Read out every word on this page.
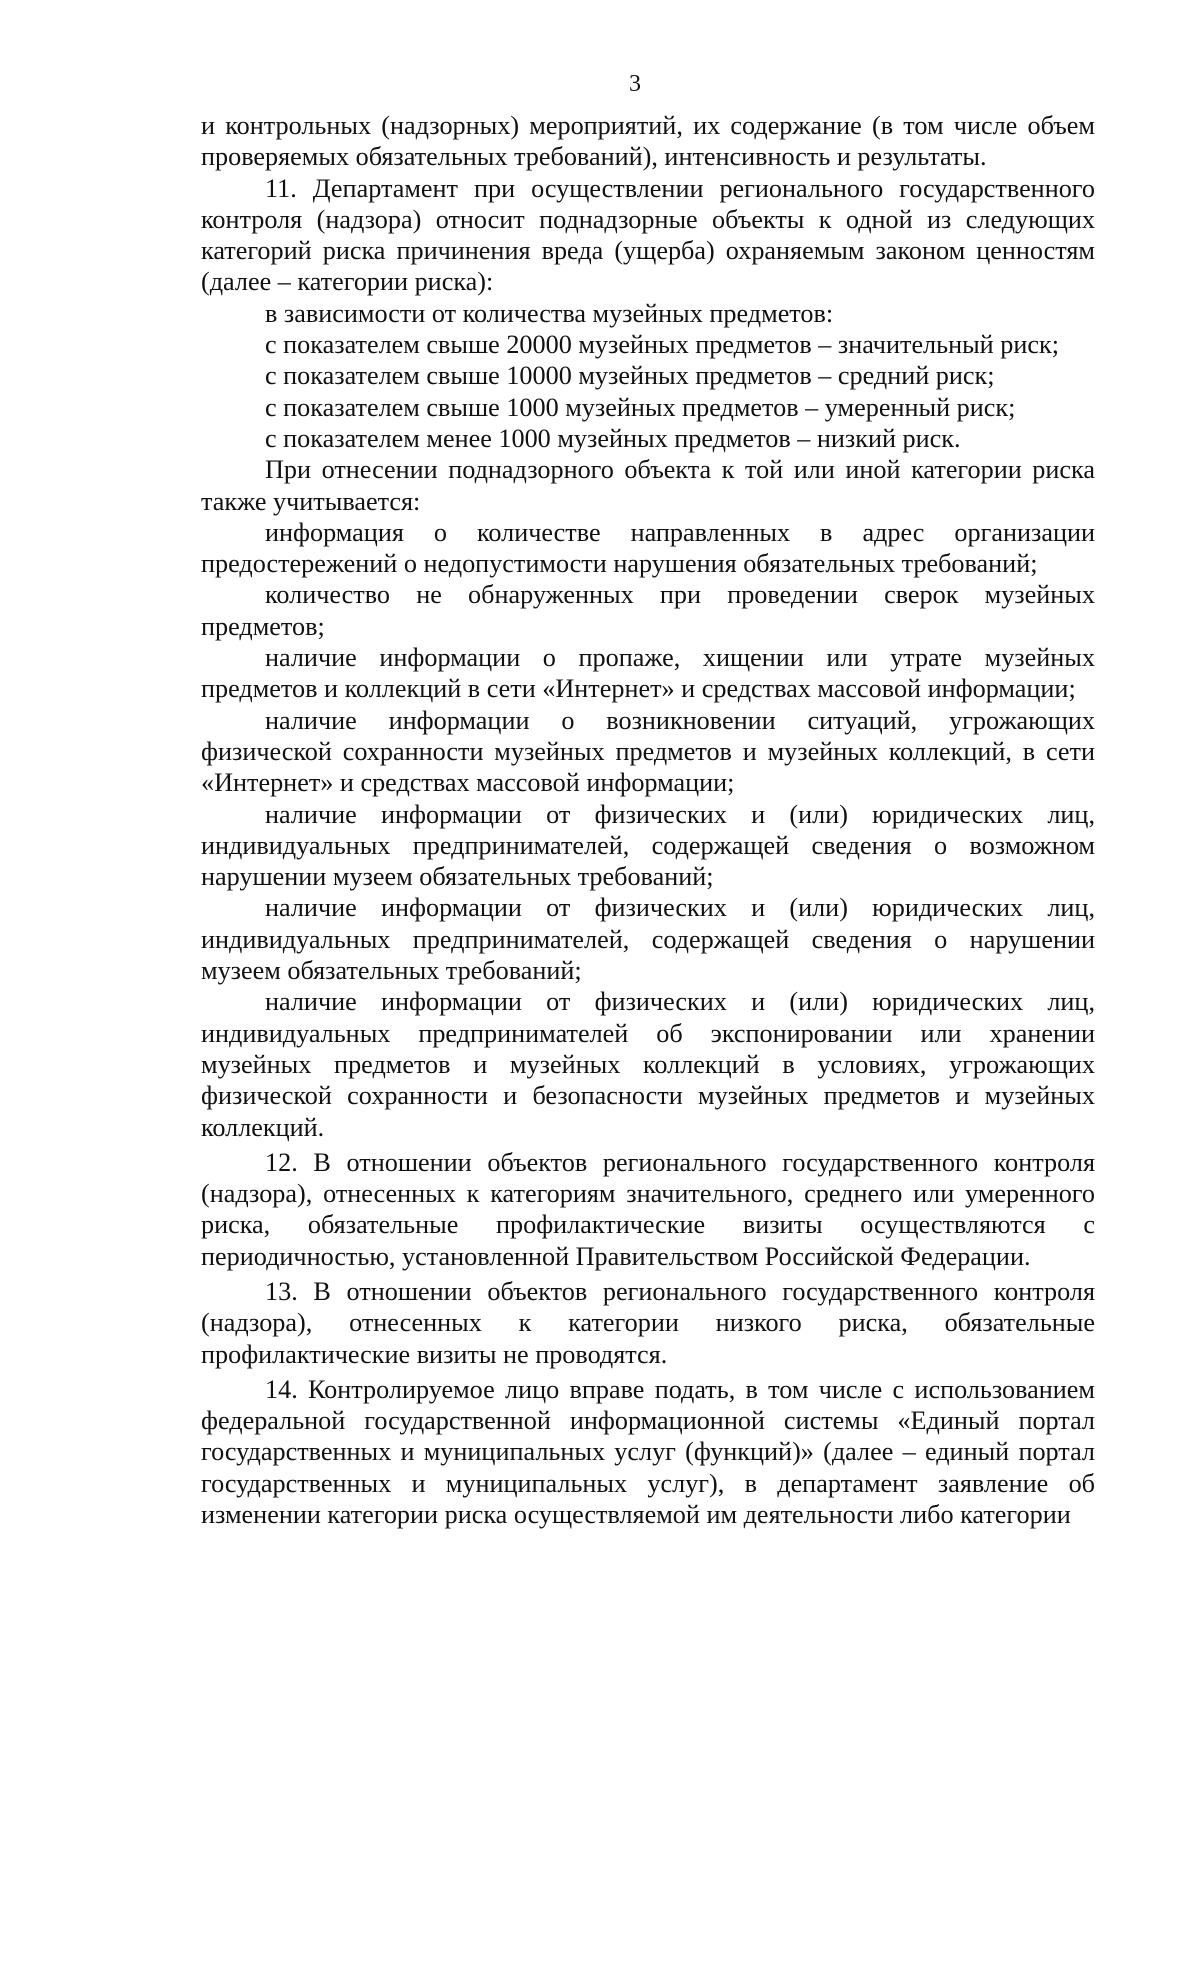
3

и контрольных (надзорных) мероприятий, их содержание (в том числе объем проверяемых обязательных требований), интенсивность и результаты.

11. Департамент при осуществлении регионального государственного контроля (надзора) относит поднадзорные объекты к одной из следующих категорий риска причинения вреда (ущерба) охраняемым законом ценностям (далее – категории риска):

в зависимости от количества музейных предметов:

с показателем свыше 20000 музейных предметов – значительный риск;

с показателем свыше 10000 музейных предметов – средний риск;

с показателем свыше 1000 музейных предметов – умеренный риск;

с показателем менее 1000 музейных предметов – низкий риск.

При отнесении поднадзорного объекта к той или иной категории риска также учитывается:

информация о количестве направленных в адрес организации предостережений о недопустимости нарушения обязательных требований;

количество не обнаруженных при проведении сверок музейных предметов;

наличие информации о пропаже, хищении или утрате музейных предметов и коллекций в сети «Интернет» и средствах массовой информации;

наличие информации о возникновении ситуаций, угрожающих физической сохранности музейных предметов и музейных коллекций, в сети «Интернет» и средствах массовой информации;

наличие информации от физических и (или) юридических лиц, индивидуальных предпринимателей, содержащей сведения о возможном нарушении музеем обязательных требований;

наличие информации от физических и (или) юридических лиц, индивидуальных предпринимателей, содержащей сведения о нарушении музеем обязательных требований;

наличие информации от физических и (или) юридических лиц, индивидуальных предпринимателей об экспонировании или хранении музейных предметов и музейных коллекций в условиях, угрожающих физической сохранности и безопасности музейных предметов и музейных коллекций.

12. В отношении объектов регионального государственного контроля (надзора), отнесенных к категориям значительного, среднего или умеренного риска, обязательные профилактические визиты осуществляются с периодичностью, установленной Правительством Российской Федерации.

13. В отношении объектов регионального государственного контроля (надзора), отнесенных к категории низкого риска, обязательные профилактические визиты не проводятся.

14. Контролируемое лицо вправе подать, в том числе с использованием федеральной государственной информационной системы «Единый портал государственных и муниципальных услуг (функций)» (далее – единый портал государственных и муниципальных услуг), в департамент заявление об изменении категории риска осуществляемой им деятельности либо категории
